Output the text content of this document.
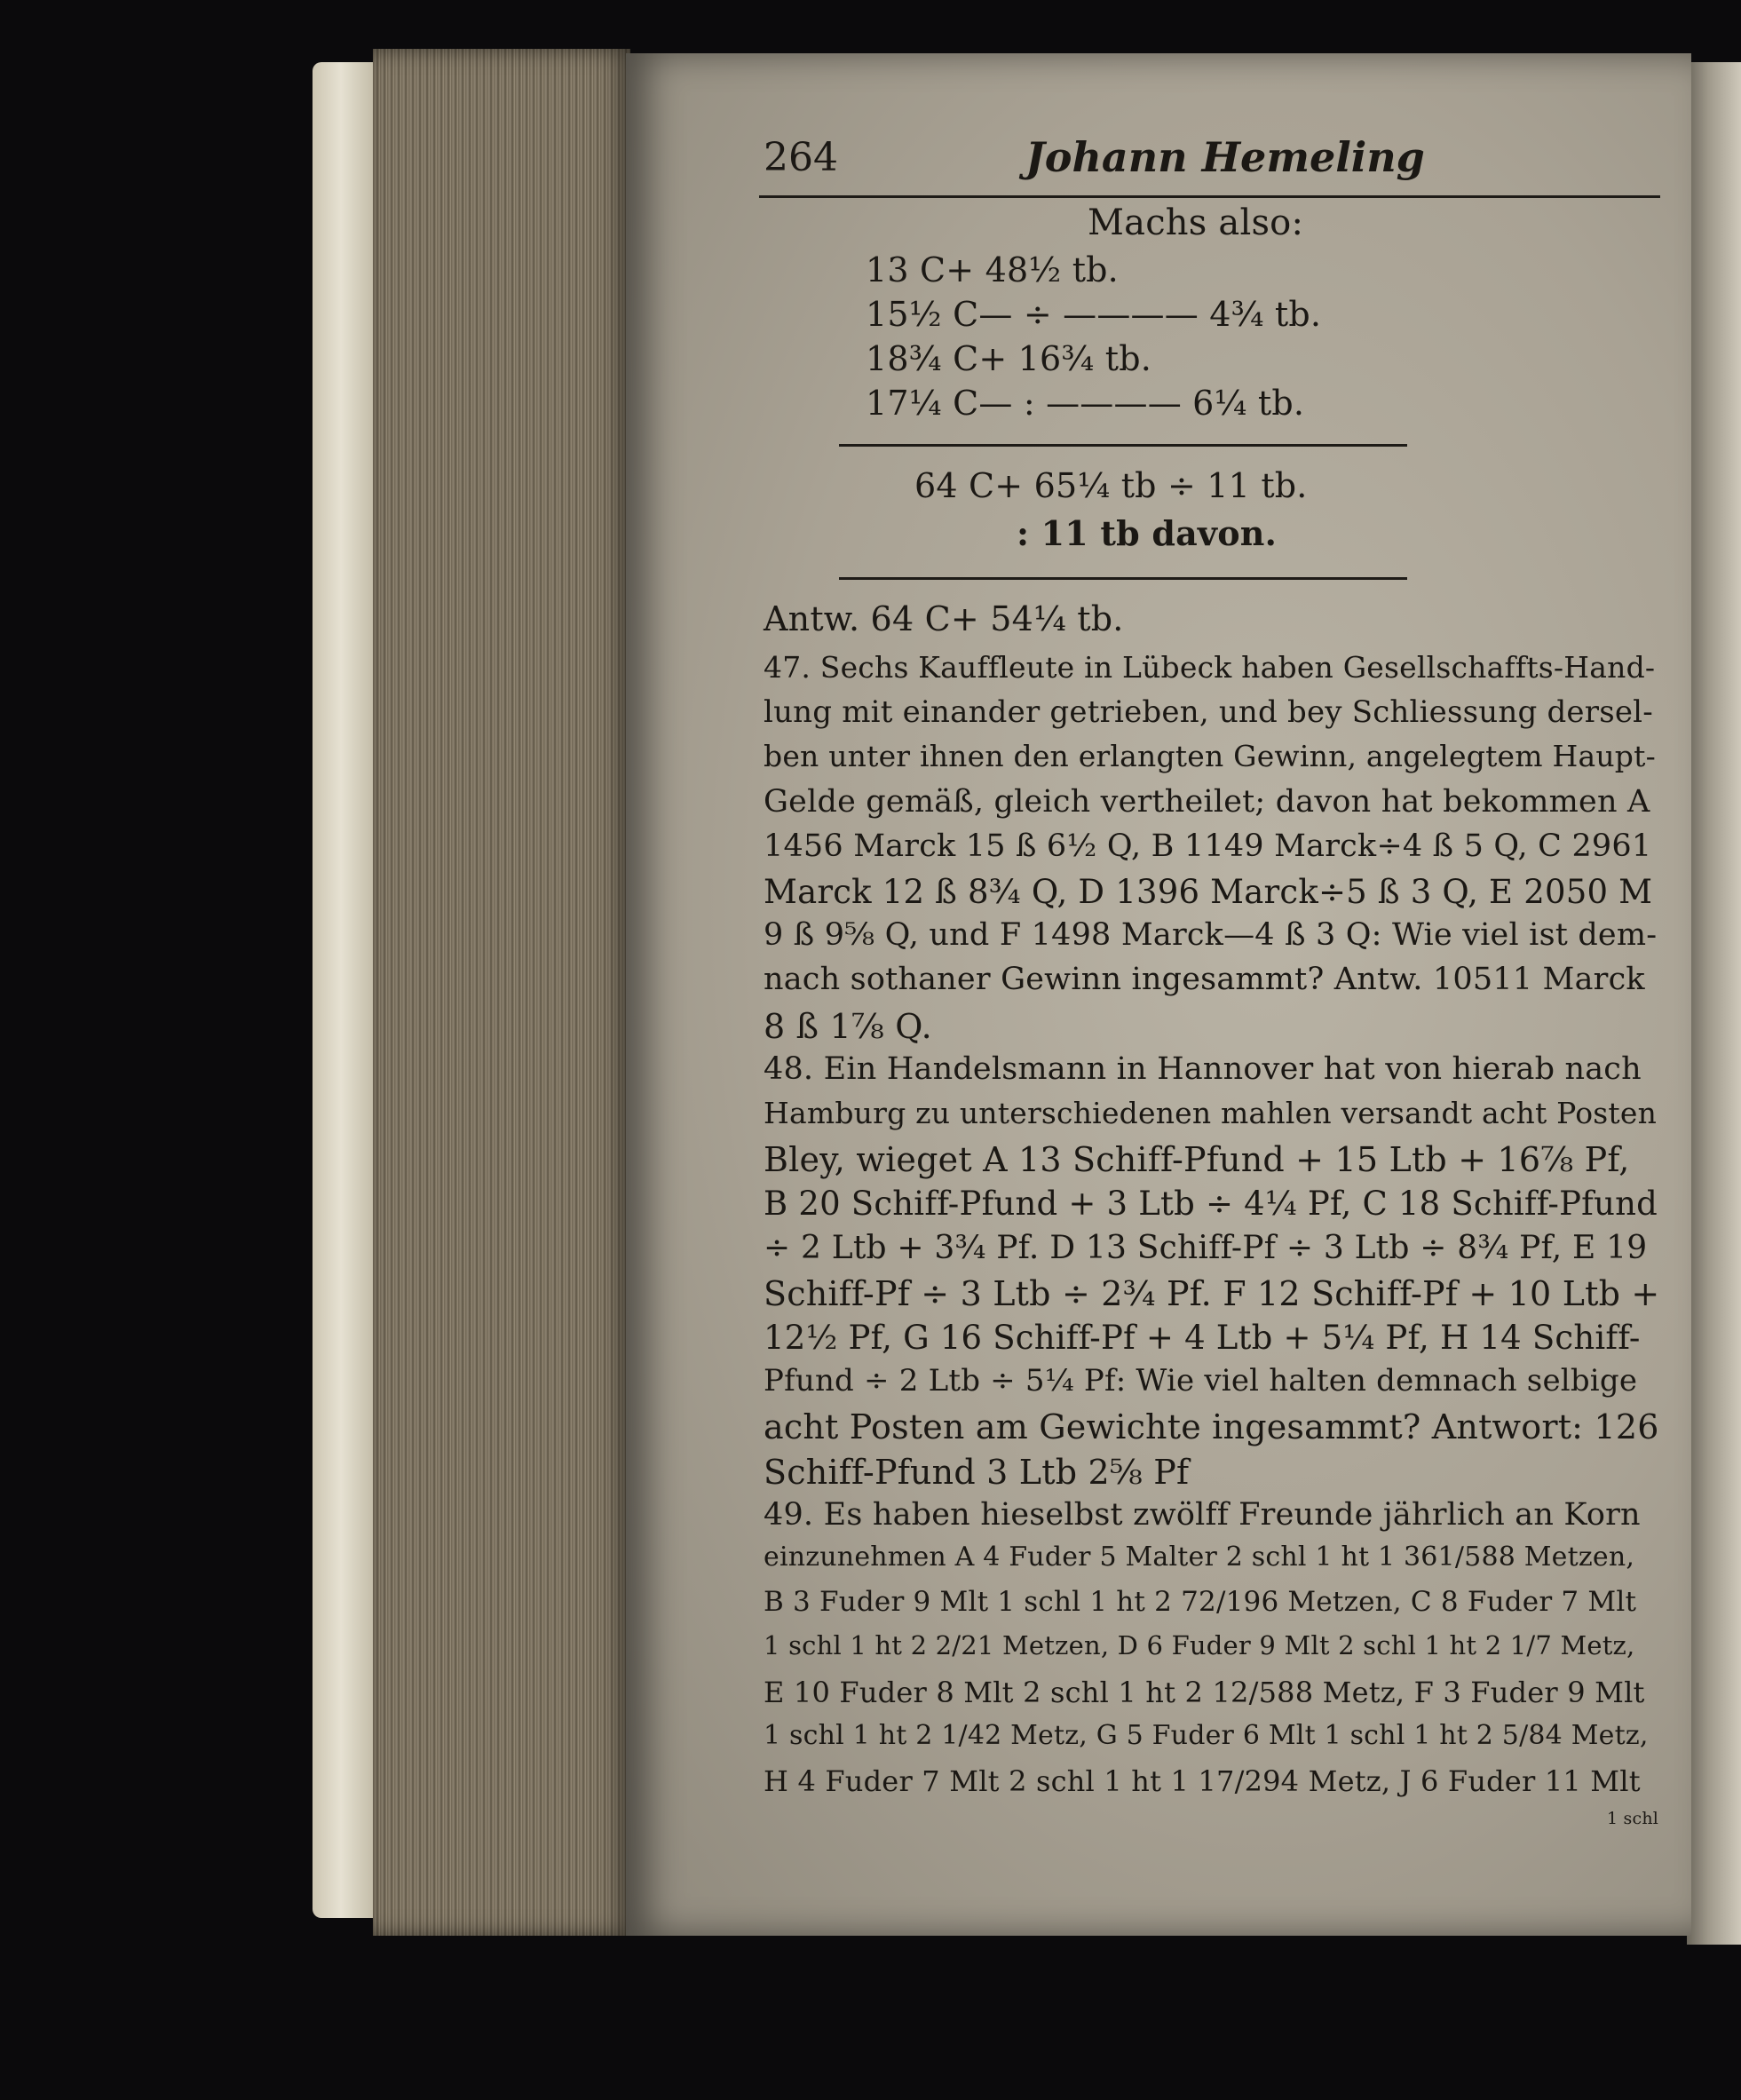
264	Johann Hemeling
Machs also:
13 C+ 48½ tb.
15½ C— ÷ ———— 4¾ tb.
18¾ C+ 16¾ tb.
17¼ C— : ———— 6¼ tb.
64 C+ 65¼ tb ÷ 11 tb.
: 11 tb davon.
Antw. 64 C+ 54¼ tb.
47. Sechs Kauffleute in Lübeck haben Gesellschaffts-Hand-
lung mit einander getrieben, und bey Schliessung dersel-
ben unter ihnen den erlangten Gewinn, angelegtem Haupt-
Gelde gemäß, gleich vertheilet; davon hat bekommen A
1456 Marck 15 ß 6½ Q, B 1149 Marck÷4 ß 5 Q, C 2961
Marck 12 ß 8¾ Q, D 1396 Marck÷5 ß 3 Q, E 2050 M
9 ß 9⅝ Q, und F 1498 Marck—4 ß 3 Q: Wie viel ist dem-
nach sothaner Gewinn ingesammt? Antw. 10511 Marck
8 ß 1⅞ Q.
48. Ein Handelsmann in Hannover hat von hierab nach
Hamburg zu unterschiedenen mahlen versandt acht Posten
Bley, wieget A 13 Schiff-Pfund + 15 Ltb + 16⅞ Pf,
B 20 Schiff-Pfund + 3 Ltb ÷ 4¼ Pf, C 18 Schiff-Pfund
÷ 2 Ltb + 3¾ Pf. D 13 Schiff-Pf ÷ 3 Ltb ÷ 8¾ Pf, E 19
Schiff-Pf ÷ 3 Ltb ÷ 2¾ Pf. F 12 Schiff-Pf + 10 Ltb +
12½ Pf, G 16 Schiff-Pf + 4 Ltb + 5¼ Pf, H 14 Schiff-
Pfund ÷ 2 Ltb ÷ 5¼ Pf: Wie viel halten demnach selbige
acht Posten am Gewichte ingesammt? Antwort: 126
Schiff-Pfund 3 Ltb 2⅝ Pf
49. Es haben hieselbst zwölff Freunde jährlich an Korn
einzunehmen A 4 Fuder 5 Malter 2 schl 1 ht 1 361/588 Metzen,
B 3 Fuder 9 Mlt 1 schl 1 ht 2 72/196 Metzen, C 8 Fuder 7 Mlt
1 schl 1 ht 2 2/21 Metzen, D 6 Fuder 9 Mlt 2 schl 1 ht 2 1/7 Metz,
E 10 Fuder 8 Mlt 2 schl 1 ht 2 12/588 Metz, F 3 Fuder 9 Mlt
1 schl 1 ht 2 1/42 Metz, G 5 Fuder 6 Mlt 1 schl 1 ht 2 5/84 Metz,
H 4 Fuder 7 Mlt 2 schl 1 ht 1 17/294 Metz, J 6 Fuder 11 Mlt
1 schl
